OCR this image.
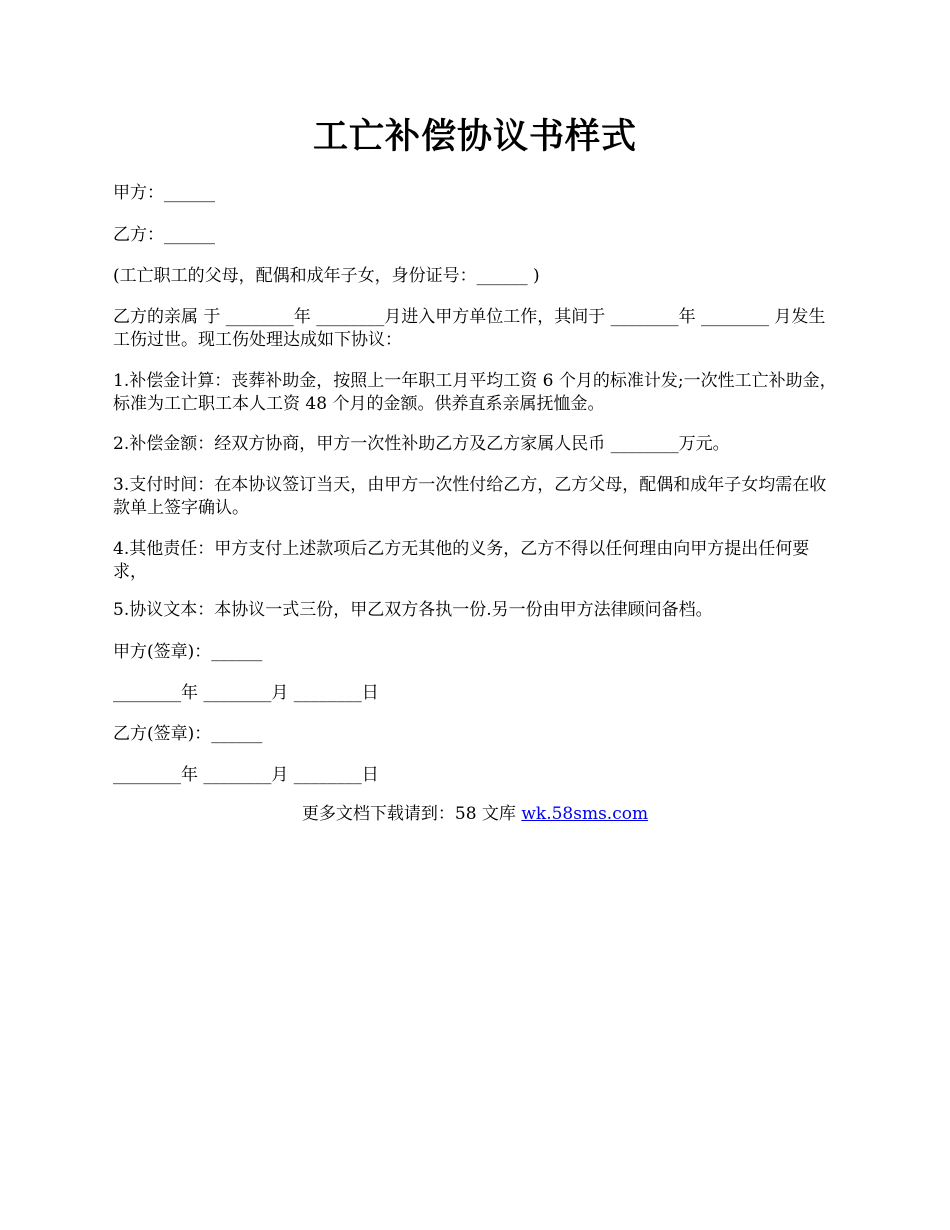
工亡补偿协议书样式

甲方：______

乙方：______

(工亡职工的父母，配偶和成年子女，身份证号：______ )

乙方的亲属 于 ________年 ________月进入甲方单位工作，其间于 ________年 ________ 月发生工伤过世。现工伤处理达成如下协议：

1.补偿金计算：丧葬补助金，按照上一年职工月平均工资 6 个月的标准计发;一次性工亡补助金，标准为工亡职工本人工资 48 个月的金额。供养直系亲属抚恤金。

2.补偿金额：经双方协商，甲方一次性补助乙方及乙方家属人民币 ________万元。

3.支付时间：在本协议签订当天，由甲方一次性付给乙方，乙方父母，配偶和成年子女均需在收款单上签字确认。

4.其他责任：甲方支付上述款项后乙方无其他的义务，乙方不得以任何理由向甲方提出任何要求，

5.协议文本：本协议一式三份，甲乙双方各执一份.另一份由甲方法律顾问备档。

甲方(签章)：______

________年 ________月 ________日

乙方(签章)：______

________年 ________月 ________日

更多文档下载请到：58 文库 wk.58sms.com
